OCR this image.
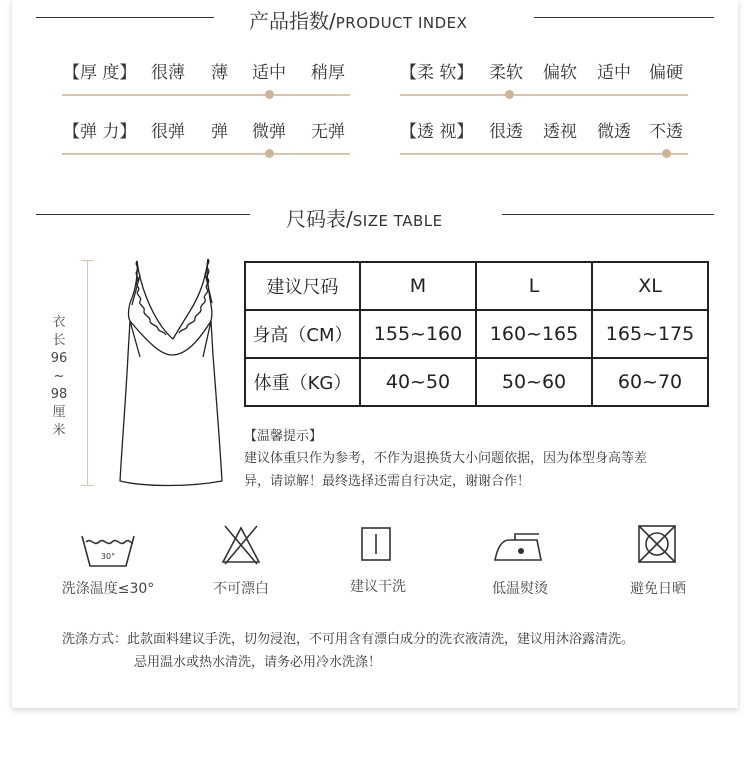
产品指数/PRODUCT INDEX
【厚 度】 很薄 薄 适中 稍厚	【柔 软】 柔软 偏软 适中 偏硬
【弹 力】 很弹 弹 微弹 无弹	【透 视】 很透 透视 微透 不透
尺码表/SIZE TABLE
衣
长
96
~
98
厘
米
建议尺码	M	L	XL
身高（CM）	155~160	160~165	165~175
体重（KG）	40~50	50~60	60~70
【温馨提示】
建议体重只作为参考，不作为退换货大小问题依据，因为体型身高等差
异，请谅解！最终选择还需自行决定，谢谢合作！
30°
洗涤温度≤30°	不可漂白	建议干洗	低温熨烫	避免日晒
洗涤方式：此款面料建议手洗，切勿浸泡，不可用含有漂白成分的洗衣液清洗，建议用沐浴露清洗。
忌用温水或热水清洗，请务必用冷水洗涤！
